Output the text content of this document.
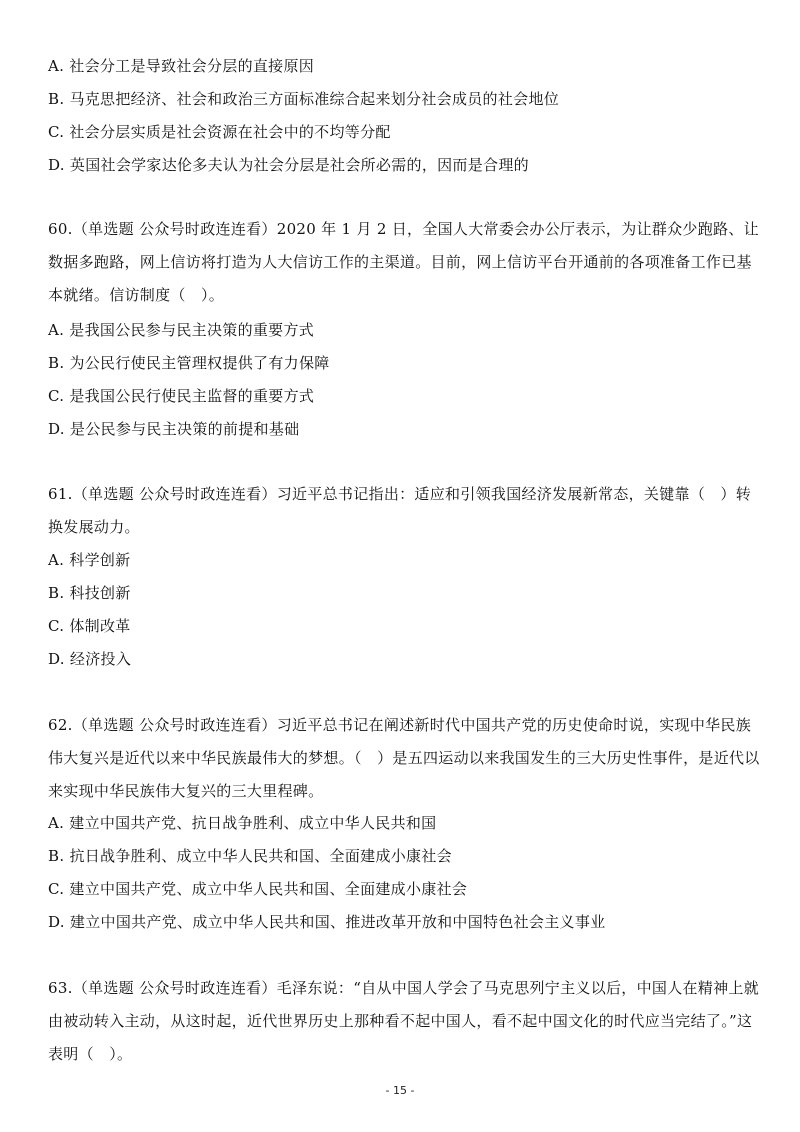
A. 社会分工是导致社会分层的直接原因
B. 马克思把经济、社会和政治三方面标准综合起来划分社会成员的社会地位
C. 社会分层实质是社会资源在社会中的不均等分配
D. 英国社会学家达伦多夫认为社会分层是社会所必需的，因而是合理的
60.（单选题 公众号时政连连看）2020 年 1 月 2 日，全国人大常委会办公厅表示，为让群众少跑路、让数据多跑路，网上信访将打造为人大信访工作的主渠道。目前，网上信访平台开通前的各项准备工作已基本就绪。信访制度（　）。
A. 是我国公民参与民主决策的重要方式
B. 为公民行使民主管理权提供了有力保障
C. 是我国公民行使民主监督的重要方式
D. 是公民参与民主决策的前提和基础
61.（单选题 公众号时政连连看）习近平总书记指出：适应和引领我国经济发展新常态，关键靠（　）转换发展动力。
A. 科学创新
B. 科技创新
C. 体制改革
D. 经济投入
62.（单选题 公众号时政连连看）习近平总书记在阐述新时代中国共产党的历史使命时说，实现中华民族伟大复兴是近代以来中华民族最伟大的梦想。（　）是五四运动以来我国发生的三大历史性事件，是近代以来实现中华民族伟大复兴的三大里程碑。
A. 建立中国共产党、抗日战争胜利、成立中华人民共和国
B. 抗日战争胜利、成立中华人民共和国、全面建成小康社会
C. 建立中国共产党、成立中华人民共和国、全面建成小康社会
D. 建立中国共产党、成立中华人民共和国、推进改革开放和中国特色社会主义事业
63.（单选题 公众号时政连连看）毛泽东说：“自从中国人学会了马克思列宁主义以后，中国人在精神上就由被动转入主动，从这时起，近代世界历史上那种看不起中国人，看不起中国文化的时代应当完结了。”这表明（　）。
- 15 -
